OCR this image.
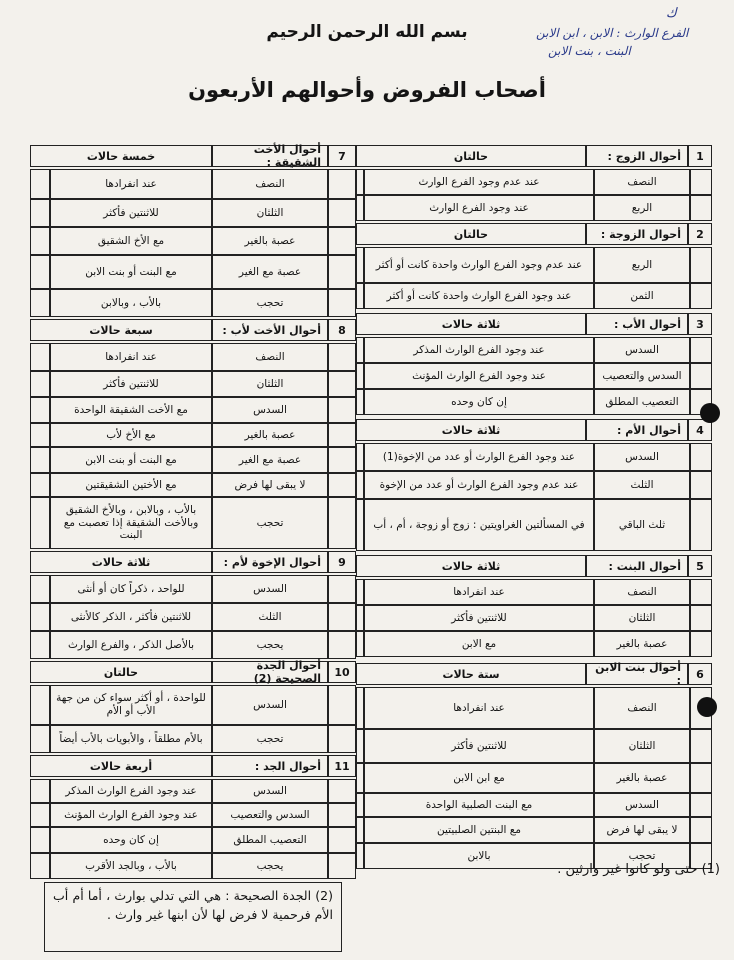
ك
الفرع الوارث : الابن ، ابن الابن
البنت ، بنت الابن
بسم الله الرحمن الرحيم
أصحاب الفروض وأحوالهم الأربعون
1
أحوال الزوج :
حالتان
النصف
عند عدم وجود الفرع الوارث
الربع
عند وجود الفرع الوارث
2
أحوال الزوجة :
حالتان
الربع
عند عدم وجود الفرع الوارث واحدة كانت أو أكثر
الثمن
عند وجود الفرع الوارث واحدة كانت أو أكثر
3
أحوال الأب :
ثلاثة حالات
السدس
عند وجود الفرع الوارث المذكر
السدس والتعصيب
عند وجود الفرع الوارث المؤنث
التعصيب المطلق
إن كان وحده
4
أحوال الأم :
ثلاثة حالات
السدس
عند وجود الفرع الوارث أو عدد من الإخوة(1)
الثلث
عند عدم وجود الفرع الوارث أو عدد من الإخوة
ثلث الباقي
في المسألتين الغراويتين : زوج أو زوجة ، أم ، أب
5
أحوال البنت :
ثلاثة حالات
النصف
عند انفرادها
الثلثان
للاثنتين فأكثر
عصبة بالغير
مع الابن
6
أحوال بنت الابن :
ستة حالات
النصف
عند انفرادها
الثلثان
للاثنتين فأكثر
عصبة بالغير
مع ابن الابن
السدس
مع البنت الصلبية الواحدة
لا يبقى لها فرض
مع البنتين الصلبيتين
تحجب
بالابن
7
أحوال الأخت الشقيقة :
خمسة حالات
النصف
عند انفرادها
الثلثان
للاثنتين فأكثر
عصبة بالغير
مع الأخ الشقيق
عصبة مع الغير
مع البنت أو بنت الابن
تحجب
بالأب ، وبالابن
8
أحوال الأخت لأب :
سبعة حالات
النصف
عند انفرادها
الثلثان
للاثنتين فأكثر
السدس
مع الأخت الشقيقة الواحدة
عصبة بالغير
مع الأخ لأب
عصبة مع الغير
مع البنت أو بنت الابن
لا يبقى لها فرض
مع الأختين الشقيقتين
تحجب
بالأب ، وبالابن ، وبالأخ الشقيق وبالأخت الشقيقة إذا تعصبت مع البنت
9
أحوال الإخوة لأم :
ثلاثة حالات
السدس
للواحد ، ذكراً كان أو أنثى
الثلث
للاثنتين فأكثر ، الذكر كالأنثى
يحجب
بالأصل الذكر ، والفرع الوارث
10
أحوال الجدة الصحيحة (2)
حالتان
السدس
للواحدة ، أو أكثر سواء كن من جهة الأب أو الأم
تحجب
بالأم مطلقاً ، والأبويات بالأب أيضاً
11
أحوال الجد :
أربعة حالات
السدس
عند وجود الفرع الوارث المذكر
السدس والتعصيب
عند وجود الفرع الوارث المؤنث
التعصيب المطلق
إن كان وحده
يحجب
بالأب ، وبالجد الأقرب
(2) الجدة الصحيحة : هي التي تدلي بوارث ، أما أم أب الأم فرحمية لا فرض لها لأن ابنها غير وارث .
(1) حتى ولو كانوا غير وارثين .
